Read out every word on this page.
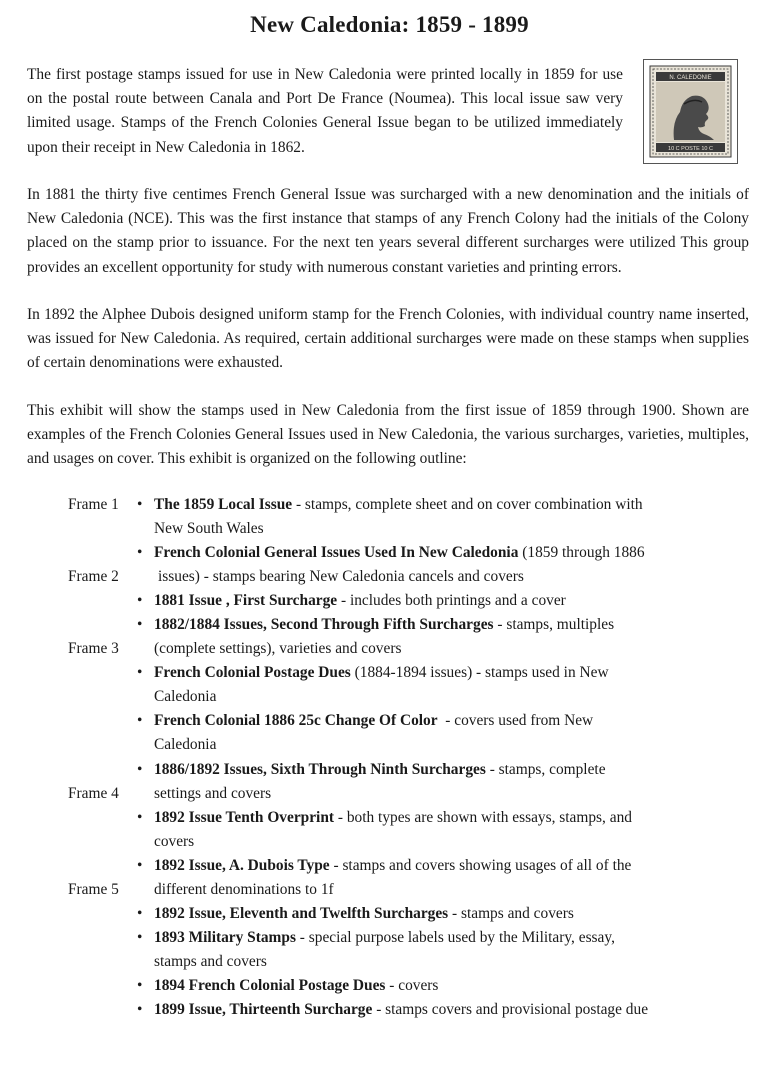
New Caledonia: 1859 - 1899
The first postage stamps issued for use in New Caledonia were printed locally in 1859 for use on the postal route between Canala and Port De France (Noumea). This local issue saw very limited usage. Stamps of the French Colonies General Issue began to be utilized immediately upon their receipt in New Caledonia in 1862.
N. CALEDONIE
10 C POSTE 10 C
In 1881 the thirty five centimes French General Issue was surcharged with a new denomination and the initials of New Caledonia (NCE). This was the first instance that stamps of any French Colony had the initials of the Colony placed on the stamp prior to issuance. For the next ten years several different surcharges were utilized This group provides an excellent opportunity for study with numerous constant varieties and printing errors.
In 1892 the Alphee Dubois designed uniform stamp for the French Colonies, with individual country name inserted, was issued for New Caledonia. As required, certain additional surcharges were made on these stamps when supplies of certain denominations were exhausted.
This exhibit will show the stamps used in New Caledonia from the first issue of 1859 through 1900. Shown are examples of the French Colonies General Issues used in New Caledonia, the various surcharges, varieties, multiples, and usages on cover. This exhibit is organized on the following outline:
Frame 1
Frame 2
Frame 3
Frame 4
Frame 5
• The 1859 Local Issue - stamps, complete sheet and on cover combination with
New South Wales
• French Colonial General Issues Used In New Caledonia (1859 through 1886
issues) - stamps bearing New Caledonia cancels and covers
• 1881 Issue , First Surcharge - includes both printings and a cover
• 1882/1884 Issues, Second Through Fifth Surcharges - stamps, multiples
(complete settings), varieties and covers
• French Colonial Postage Dues (1884-1894 issues) - stamps used in New
Caledonia
• French Colonial 1886 25c Change Of Color  - covers used from New
Caledonia
• 1886/1892 Issues, Sixth Through Ninth Surcharges - stamps, complete
settings and covers
• 1892 Issue Tenth Overprint - both types are shown with essays, stamps, and
covers
• 1892 Issue, A. Dubois Type - stamps and covers showing usages of all of the
different denominations to 1f
• 1892 Issue, Eleventh and Twelfth Surcharges - stamps and covers
• 1893 Military Stamps - special purpose labels used by the Military, essay,
stamps and covers
• 1894 French Colonial Postage Dues - covers
• 1899 Issue, Thirteenth Surcharge - stamps covers and provisional postage due
